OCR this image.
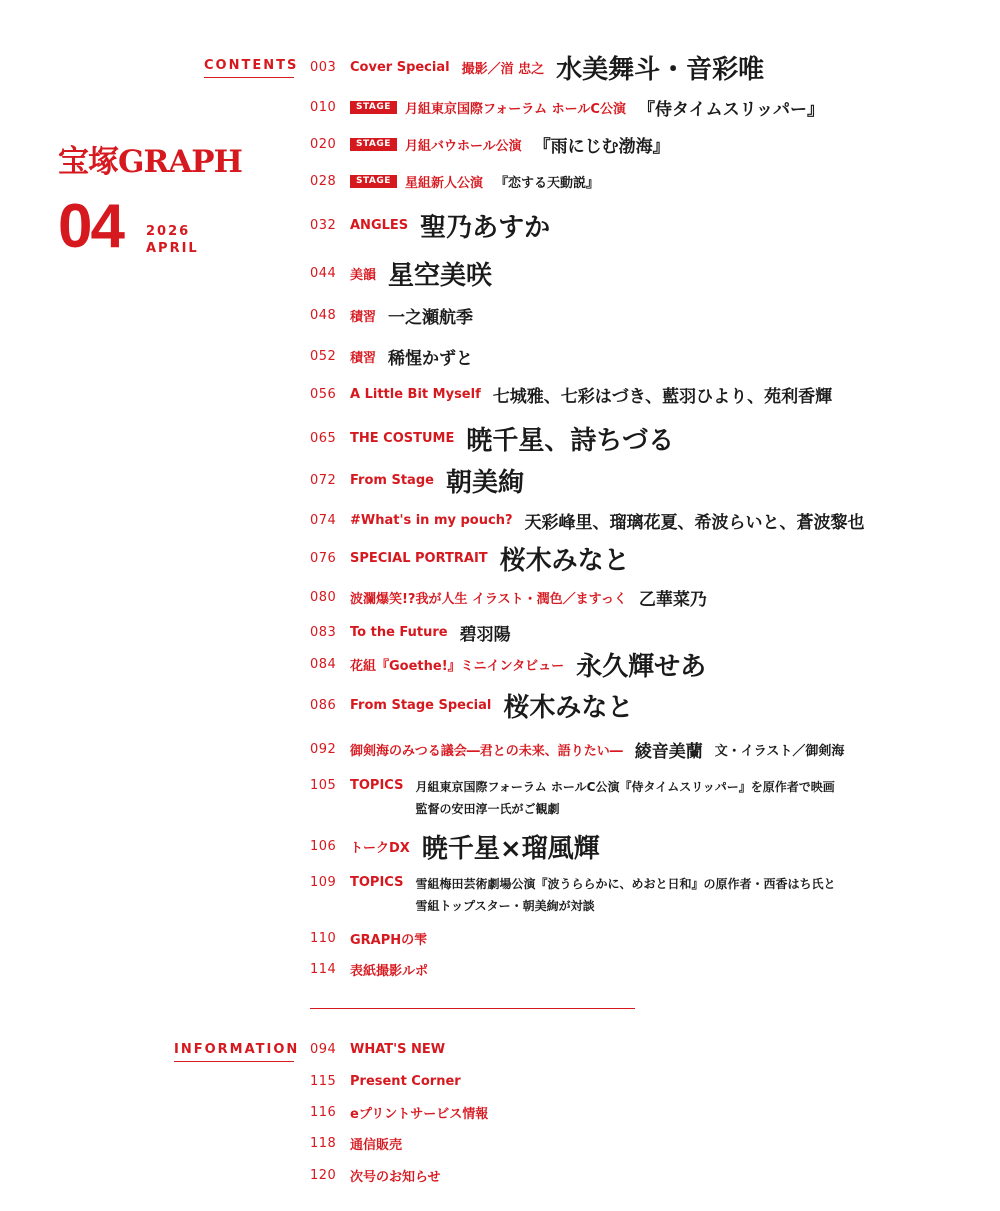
CONTENTS
宝塚GRAPH
04 2026
APRIL
003	Cover Special 撮影／渞 忠之 水美舞斗・音彩唯
010	STAGE	月組東京国際フォーラム ホールC公演 『侍タイムスリッパー』
020	STAGE	月組バウホール公演 『雨にじむ渤海』
028	STAGE	星組新人公演 『恋する天動説』
032	ANGLES 聖乃あすか
044	美韻 星空美咲
048	積習 一之瀬航季
052	積習 稀惺かずと
056	A Little Bit Myself 七城雅、七彩はづき、藍羽ひより、苑利香輝
065	THE COSTUME 暁千星、詩ちづる
072	From Stage 朝美絢
074	#What's in my pouch? 天彩峰里、瑠璃花夏、希波らいと、蒼波黎也
076	SPECIAL PORTRAIT 桜木みなと
080	波瀾爆笑!?我が人生 イラスト・潤色／ますっく 乙華菜乃
083	To the Future 碧羽陽
084	花組『Goethe!』ミニインタビュー 永久輝せあ
086	From Stage Special 桜木みなと
092	御剣海のみつる議会―君との未来、語りたい― 綾音美蘭 文・イラスト／御剣海
105	TOPICS 月組東京国際フォーラム ホールC公演『侍タイムスリッパー』を原作者で映画
監督の安田淳一氏がご観劇
106	トークDX 暁千星×瑠風輝
109	TOPICS 雪組梅田芸術劇場公演『波うららかに、めおと日和』の原作者・西香はち氏と
雪組トップスター・朝美絢が対談
110	GRAPHの雫
114	表紙撮影ルポ
INFORMATION 094	WHAT'S NEW
115	Present Corner
116	eプリントサービス情報
118	通信販売
120	次号のお知らせ
